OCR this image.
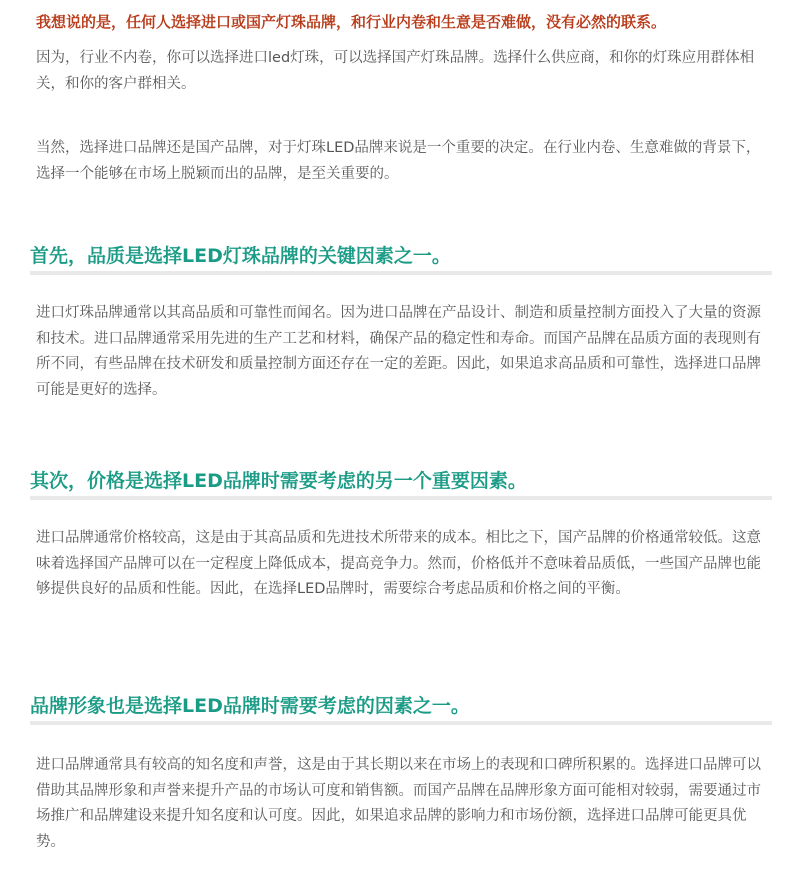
我想说的是，任何人选择进口或国产灯珠品牌，和行业内卷和生意是否难做，没有必然的联系。

因为，行业不内卷，你可以选择进口led灯珠，可以选择国产灯珠品牌。选择什么供应商，和你的灯珠应用群体相关，和你的客户群相关。

当然，选择进口品牌还是国产品牌，对于灯珠LED品牌来说是一个重要的决定。在行业内卷、生意难做的背景下，选择一个能够在市场上脱颖而出的品牌，是至关重要的。

首先，品质是选择LED灯珠品牌的关键因素之一。

进口灯珠品牌通常以其高品质和可靠性而闻名。因为进口品牌在产品设计、制造和质量控制方面投入了大量的资源和技术。进口品牌通常采用先进的生产工艺和材料，确保产品的稳定性和寿命。而国产品牌在品质方面的表现则有所不同，有些品牌在技术研发和质量控制方面还存在一定的差距。因此，如果追求高品质和可靠性，选择进口品牌可能是更好的选择。

其次，价格是选择LED品牌时需要考虑的另一个重要因素。

进口品牌通常价格较高，这是由于其高品质和先进技术所带来的成本。相比之下，国产品牌的价格通常较低。这意味着选择国产品牌可以在一定程度上降低成本，提高竞争力。然而，价格低并不意味着品质低，一些国产品牌也能够提供良好的品质和性能。因此，在选择LED品牌时，需要综合考虑品质和价格之间的平衡。

品牌形象也是选择LED品牌时需要考虑的因素之一。

进口品牌通常具有较高的知名度和声誉，这是由于其长期以来在市场上的表现和口碑所积累的。选择进口品牌可以借助其品牌形象和声誉来提升产品的市场认可度和销售额。而国产品牌在品牌形象方面可能相对较弱，需要通过市场推广和品牌建设来提升知名度和认可度。因此，如果追求品牌的影响力和市场份额，选择进口品牌可能更具优势。
